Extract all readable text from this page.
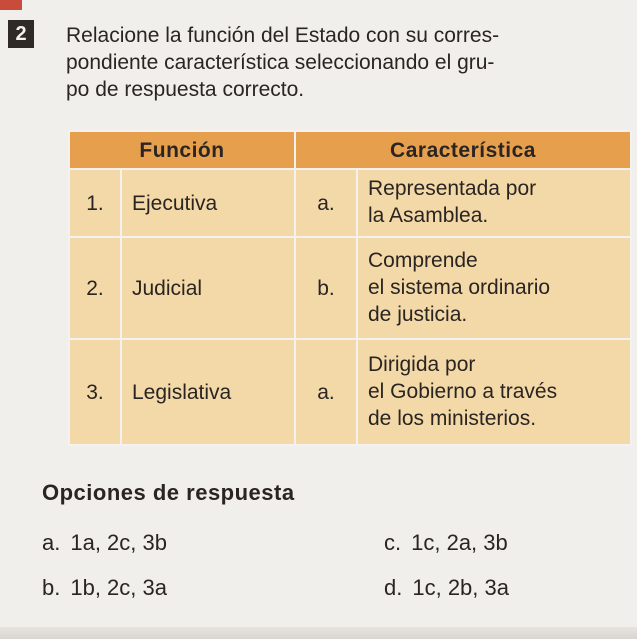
2	Relacione la función del Estado con su corres-
pondiente característica seleccionando el gru-
po de respuesta correcto.
Función		Característica	
1.	Ejecutiva	a.	Representada por
la Asamblea.

2.	Judicial	b.	Comprende
el sistema ordinario
de justicia.

3.	Legislativa	a.	Dirigida por
el Gobierno a través
de los ministerios.
Opciones de respuesta
a. 1a, 2c, 3b
b. 1b, 2c, 3a
c. 1c, 2a, 3b
d. 1c, 2b, 3a
